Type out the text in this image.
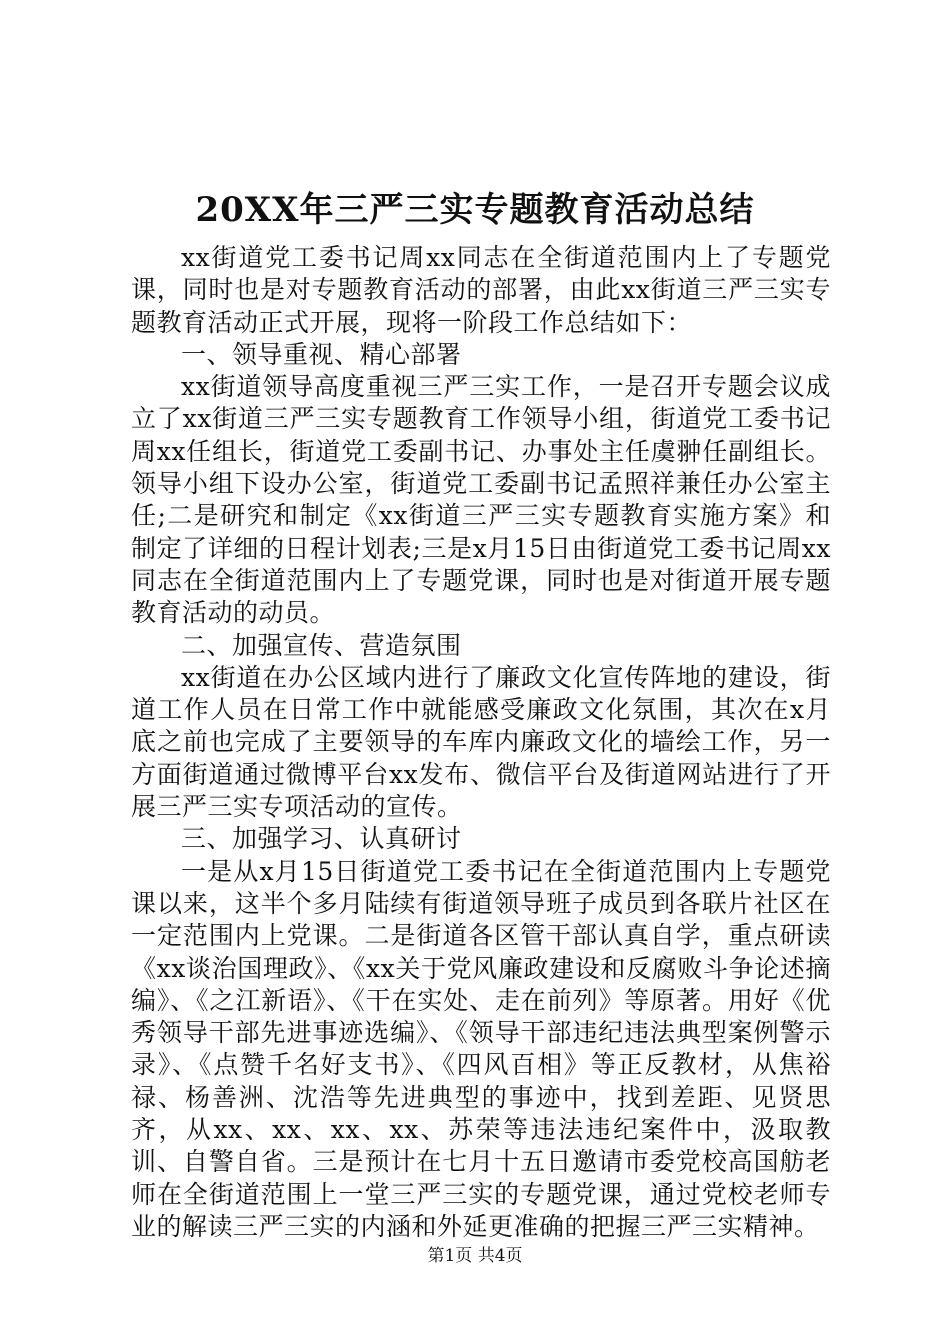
20XX年三严三实专题教育活动总结

xx街道党工委书记周xx同志在全街道范围内上了专题党课，同时也是对专题教育活动的部署，由此xx街道三严三实专题教育活动正式开展，现将一阶段工作总结如下：

一、领导重视、精心部署

xx街道领导高度重视三严三实工作，一是召开专题会议成立了xx街道三严三实专题教育工作领导小组，街道党工委书记周xx任组长，街道党工委副书记、办事处主任虞翀任副组长。领导小组下设办公室，街道党工委副书记孟照祥兼任办公室主任;二是研究和制定《xx街道三严三实专题教育实施方案》和制定了详细的日程计划表;三是x月15日由街道党工委书记周xx同志在全街道范围内上了专题党课，同时也是对街道开展专题教育活动的动员。

二、加强宣传、营造氛围

xx街道在办公区域内进行了廉政文化宣传阵地的建设，街道工作人员在日常工作中就能感受廉政文化氛围，其次在x月底之前也完成了主要领导的车库内廉政文化的墙绘工作，另一方面街道通过微博平台xx发布、微信平台及街道网站进行了开展三严三实专项活动的宣传。

三、加强学习、认真研讨

一是从x月15日街道党工委书记在全街道范围内上专题党课以来，这半个多月陆续有街道领导班子成员到各联片社区在一定范围内上党课。二是街道各区管干部认真自学，重点研读《xx谈治国理政》、《xx关于党风廉政建设和反腐败斗争论述摘编》、《之江新语》、《干在实处、走在前列》等原著。用好《优秀领导干部先进事迹选编》、《领导干部违纪违法典型案例警示录》、《点赞千名好支书》、《四风百相》等正反教材，从焦裕禄、杨善洲、沈浩等先进典型的事迹中，找到差距、见贤思齐，从xx、xx、xx、xx、苏荣等违法违纪案件中，汲取教训、自警自省。三是预计在七月十五日邀请市委党校高国舫老师在全街道范围上一堂三严三实的专题党课，通过党校老师专业的解读三严三实的内涵和外延更准确的把握三严三实精神。

第1页 共4页
